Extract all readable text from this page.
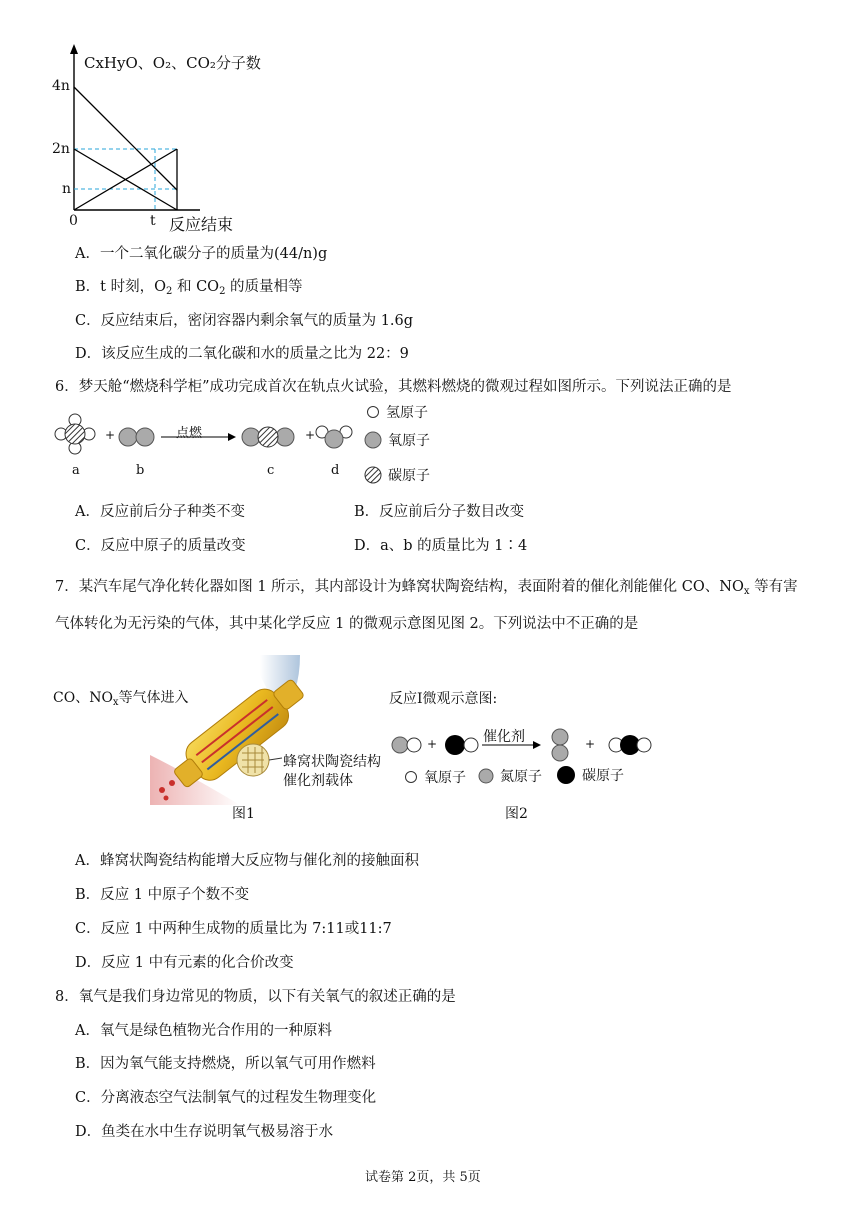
CxHyO、O₂、CO₂分子数
4n
2n
n
0	t 反应结束
A．一个二氧化碳分子的质量为(44/n)g
B．t 时刻，$O_2$ 和 $CO_2$ 的质量相等
C．反应结束后，密闭容器内剩余氧气的质量为 1.6g
D．该反应生成的二氧化碳和水的质量之比为 22：9
6．梦天舱“燃烧科学柜”成功完成首次在轨点火试验，其燃料燃烧的微观过程如图所示。下列说法正确的是
+	+
点燃
a	b	c	d
氢原子
氧原子
碳原子
A．反应前后分子种类不变	B．反应前后分子数目改变
C．反应中原子的质量改变	D．a、b 的质量比为 1∶4
7．某汽车尾气净化转化器如图 1 所示，其内部设计为蜂窝状陶瓷结构，表面附着的催化剂能催化 CO、$NO_x$ 等有害
气体转化为无污染的气体，其中某化学反应 1 的微观示意图见图 2。下列说法中不正确的是
CO、$NO_x$等气体进入
蜂窝状陶瓷结构
催化剂载体
图1
反应Ⅰ微观示意图:
+	+
催化剂
氧原子 氮原子	碳原子
图2
A．蜂窝状陶瓷结构能增大反应物与催化剂的接触面积
B．反应 1 中原子个数不变
C．反应 1 中两种生成物的质量比为 7:11或11:7
D．反应 1 中有元素的化合价改变
8．氧气是我们身边常见的物质，以下有关氧气的叙述正确的是
A．氧气是绿色植物光合作用的一种原料
B．因为氧气能支持燃烧，所以氧气可用作燃料
C．分离液态空气法制氧气的过程发生物理变化
D．鱼类在水中生存说明氧气极易溶于水
试卷第 2页，共 5页
